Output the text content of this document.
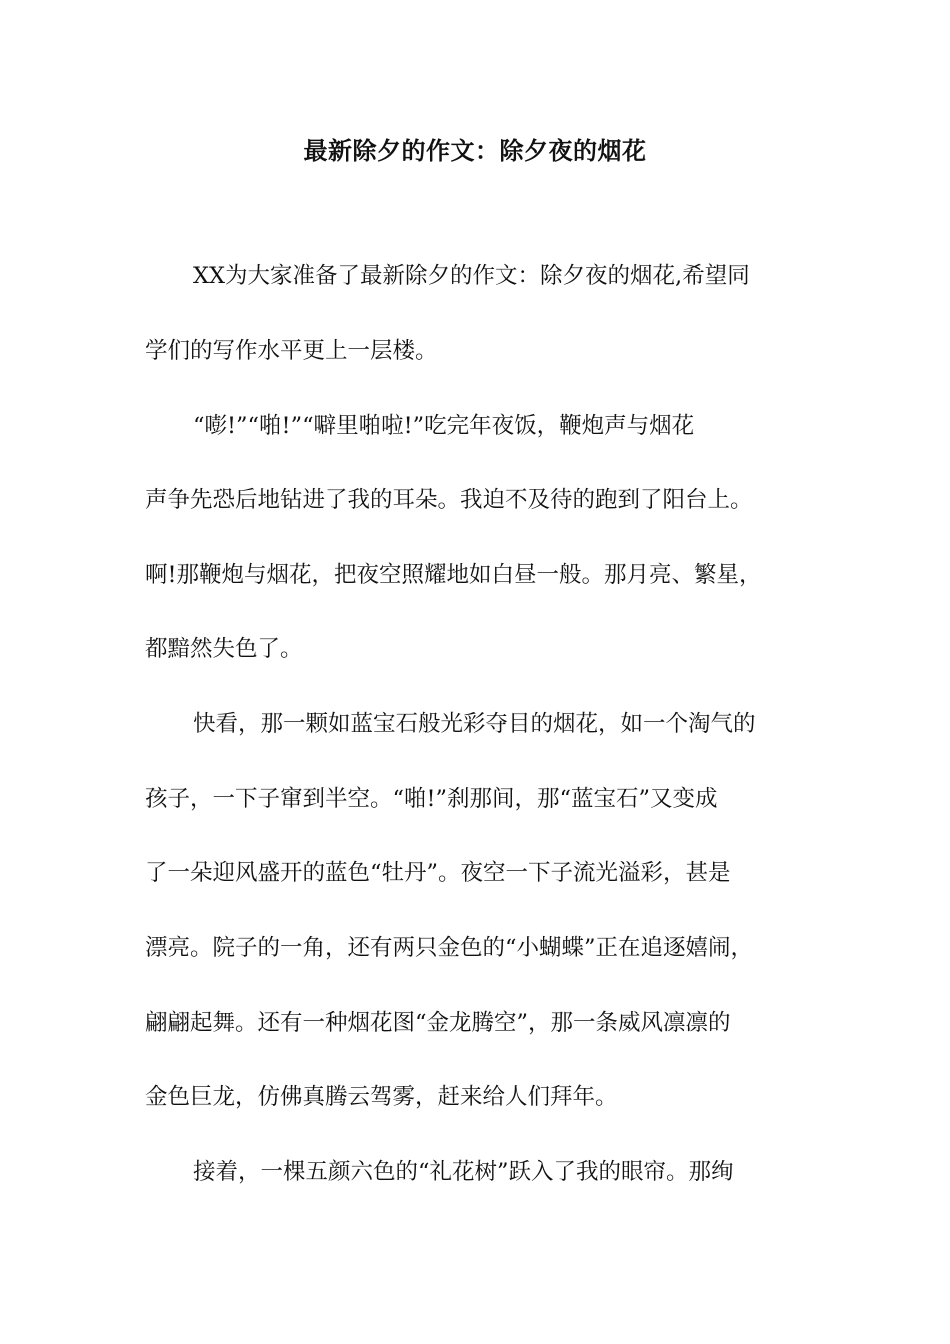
最新除夕的作文：除夕夜的烟花
XX为大家准备了最新除夕的作文：除夕夜的烟花,希望同
学们的写作水平更上一层楼。
“嘭!”“啪!”“噼里啪啦!”吃完年夜饭，鞭炮声与烟花
声争先恐后地钻进了我的耳朵。我迫不及待的跑到了阳台上。
啊!那鞭炮与烟花，把夜空照耀地如白昼一般。那月亮、繁星，
都黯然失色了。
快看，那一颗如蓝宝石般光彩夺目的烟花，如一个淘气的
孩子，一下子窜到半空。“啪!”刹那间，那“蓝宝石”又变成
了一朵迎风盛开的蓝色“牡丹”。夜空一下子流光溢彩，甚是
漂亮。院子的一角，还有两只金色的“小蝴蝶”正在追逐嬉闹，
翩翩起舞。还有一种烟花图“金龙腾空”，那一条威风凛凛的
金色巨龙，仿佛真腾云驾雾，赶来给人们拜年。
接着，一棵五颜六色的“礼花树”跃入了我的眼帘。那绚
